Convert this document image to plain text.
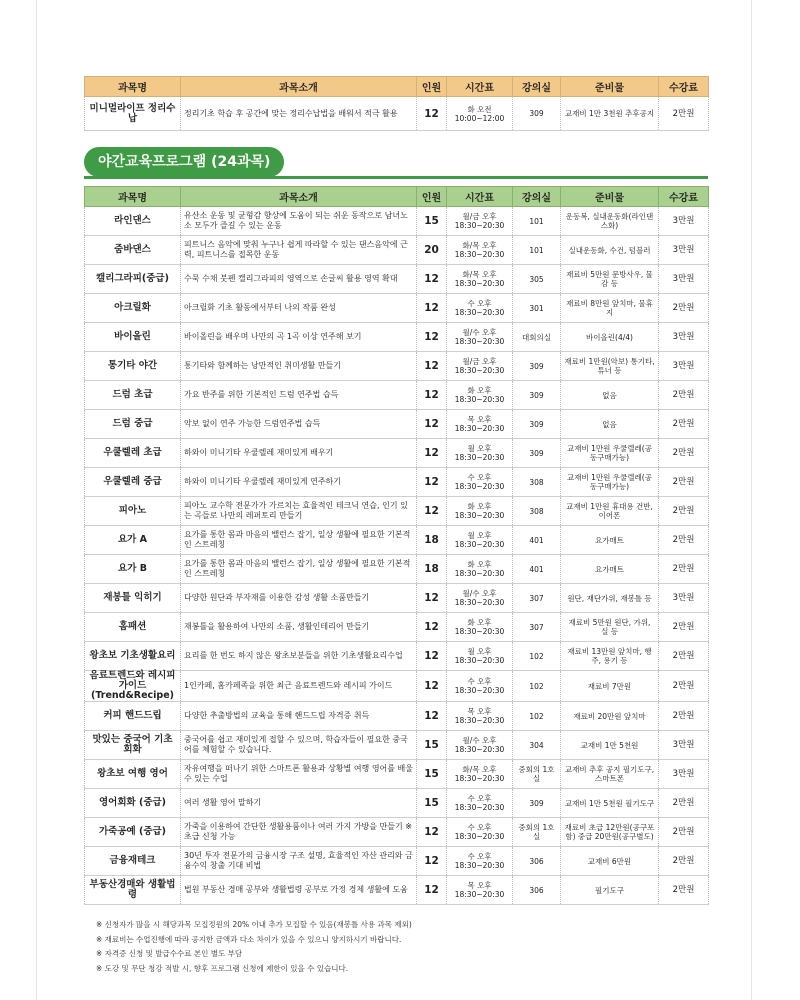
과목명	과목소개	인원	시간표	강의실	준비물	수강료
미니멀라이프 정리수납	정리기초 학습 후 공간에 맞는 정리수납법을 배워서 적극 활용	12	화 오전 10:00~12:00	309	교재비 1만 3천원 추후공지	2만원
야간교육프로그램 (24과목)
과목명	과목소개	인원	시간표	강의실	준비물	수강료
라인댄스	유산소 운동 및 균형감 향상에 도움이 되는 쉬운 동작으로 남녀노소 모두가 즐길 수 있는 운동	15	월/금 오후 18:30~20:30	101	운동복, 실내운동화(라인댄스화)	3만원
줌바댄스	피트니스 음악에 맞춰 누구나 쉽게 따라할 수 있는 댄스음악에 근력, 피트니스를 접목한 운동	20	화/목 오후 18:30~20:30	101	실내운동화, 수건, 텀블러	3만원
캘리그라피(중급)	수묵 수채 붓펜 캘리그라피의 영역으로 손글씨 활용 영역 확대	12	화/목 오후 18:30~20:30	305	재료비 5만원 문방사우, 물감 등	3만원
아크릴화	아크릴화 기초 활동에서부터 나의 작품 완성	12	수 오후 18:30~20:30	301	재료비 8만원 앞치마, 물휴지	2만원
바이올린	바이올린을 배우며 나만의 곡 1곡 이상 연주해 보기	12	월/수 오후 18:30~20:30	대회의실	바이올린(4/4)	3만원
통기타 야간	통기타와 함께하는 낭만적인 취미생활 만들기	12	월/금 오후 18:30~20:30	309	재료비 1만원(악보) 통기타, 튜너 등	3만원
드럼 초급	가요 반주를 위한 기본적인 드럼 연주법 습득	12	화 오후 18:30~20:30	309	없음	2만원
드럼 중급	악보 없이 연주 가능한 드럼연주법 습득	12	목 오후 18:30~20:30	309	없음	2만원
우쿨렐레 초급	하와이 미니기타 우쿨렐레 재미있게 배우기	12	월 오후 18:30~20:30	309	교재비 1만원 우쿨렐레(공동구매가능)	2만원
우쿨렐레 중급	하와이 미니기타 우쿨렐레 재미있게 연주하기	12	수 오후 18:30~20:30	308	교재비 1만원 우쿨렐레(공동구매가능)	2만원
피아노	피아노 교수학 전문가가 가르치는 효율적인 테크닉 연습, 인기 있는 곡들로 나만의 레퍼토리 만들기	12	화 오후 18:30~20:30	308	교재비 1만원 휴대용 건반, 이어폰	2만원
요가 A	요가를 통한 몸과 마음의 밸런스 잡기, 일상 생활에 필요한 기본적인 스트레칭	18	월 오후 18:30~20:30	401	요가매트	2만원
요가 B	요가를 통한 몸과 마음의 밸런스 잡기, 일상 생활에 필요한 기본적인 스트레칭	18	화 오후 18:30~20:30	401	요가매트	2만원
재봉틀 익히기	다양한 원단과 부자재를 이용한 감성 생활 소품만들기	12	월/수 오후 18:30~20:30	307	원단, 재단가위, 재봉틀 등	3만원
홈패션	재봉틀을 활용하여 나만의 소품, 생활인테리어 만들기	12	화 오후 18:30~20:30	307	재료비 5만원 원단, 가위, 실 등	2만원
왕초보 기초생활요리	요리를 한 번도 하지 않은 왕초보분들을 위한 기초생활요리수업	12	월 오후 18:30~20:30	102	재료비 13만원 앞치마, 행주, 용기 등	2만원
음료트렌드와 레시피가이드 (Trend&Recipe)	1인카페, 홈카페족을 위한 최근 음료트렌드와 레시피 가이드	12	수 오후 18:30~20:30	102	재료비 7만원	2만원
커피 핸드드립	다양한 추출방법의 교육을 통해 핸드드립 자격증 취득	12	목 오후 18:30~20:30	102	재료비 20만원 앞치마	2만원
맛있는 중국어 기초회화	중국어를 쉽고 재미있게 접할 수 있으며, 학습자들이 필요한 중국어를 체험할 수 있습니다.	15	월/수 오후 18:30~20:30	304	교재비 1만 5천원	3만원
왕초보 여행 영어	자유여행을 떠나기 위한 스마트폰 활용과 상황별 여행 영어를 배울 수 있는 수업	15	화/목 오후 18:30~20:30	중회의 1호실	교재비 추후 공지 필기도구, 스마트폰	3만원
영어회화 (중급)	여러 생활 영어 말하기	15	수 오후 18:30~20:30	309	교재비 1만 5천원 필기도구	2만원
가죽공예 (중급)	가죽을 이용하여 간단한 생활용품이나 여러 가지 가방을 만들기 ※ 초급 신청 가능	12	수 오후 18:30~20:30	중회의 1호실	재료비 초급 12만원(공구포함) 중급 20만원(공구별도)	2만원
금융재테크	30년 투자 전문가의 금융시장 구조 설명, 효율적인 자산 관리와 금융수익 창출 기대 비법	12	수 오후 18:30~20:30	306	교재비 6만원	2만원
부동산경매와 생활법령	법원 부동산 경매 공부와 생활법령 공부로 가정 경제 생활에 도움	12	목 오후 18:30~20:30	306	필기도구	2만원
※ 신청자가 많을 시 해당과목 모집정원의 20% 이내 추가 모집할 수 있음(재봉틀 사용 과목 제외)
※ 재료비는 수업진행에 따라 공지한 금액과 다소 차이가 있을 수 있으니 양지하시기 바랍니다.
※ 자격증 신청 및 발급수수료 본인 별도 부담
※ 도강 및 무단 청강 적발 시, 향후 프로그램 신청에 제한이 있을 수 있습니다.
